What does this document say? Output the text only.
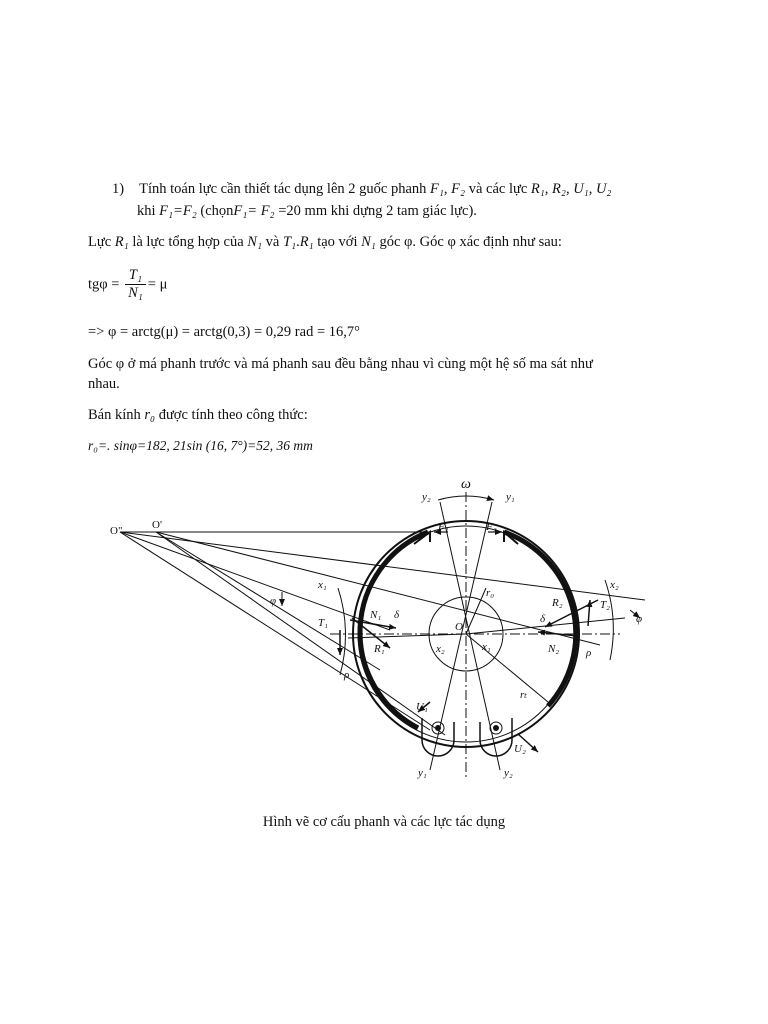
1) Tính toán lực cần thiết tác dụng lên 2 guốc phanh F₁, F₂ và các lực R₁, R₂, U₁, U₂
khi F₁=F₂ (chọnF₁= F₂ =20 mm khi dựng 2 tam giác lực).
Lực R₁ là lực tổng hợp của N₁ và T₁.R₁ tạo với N₁ góc φ. Góc φ xác định như sau:
$tg\varphi = \frac{\text{T₁}}{\text{N₁}} = \mu$
=> φ = arctg(μ) = arctg(0,3) = 0,29 rad = 16,7°
Góc φ ở má phanh trước và má phanh sau đều bằng nhau vì cùng một hệ số ma sát như
nhau.
Bán kính r₀ được tính theo công thức:
r₀=. sinφ=182, 21sin (16, 7°)=52, 36 mm
ω
O"	O'
O
F₁	F₂
y₂	y₁
y₁	y₂
x₁	x₂
x₂	x₁
r₀
rₜ
φ
φ
ρ
ρ
δ	δ
N₁
N₂
T₁
T₂
R₁
R₂
U₁
U₂
Hình vẽ cơ cấu phanh và các lực tác dụng
